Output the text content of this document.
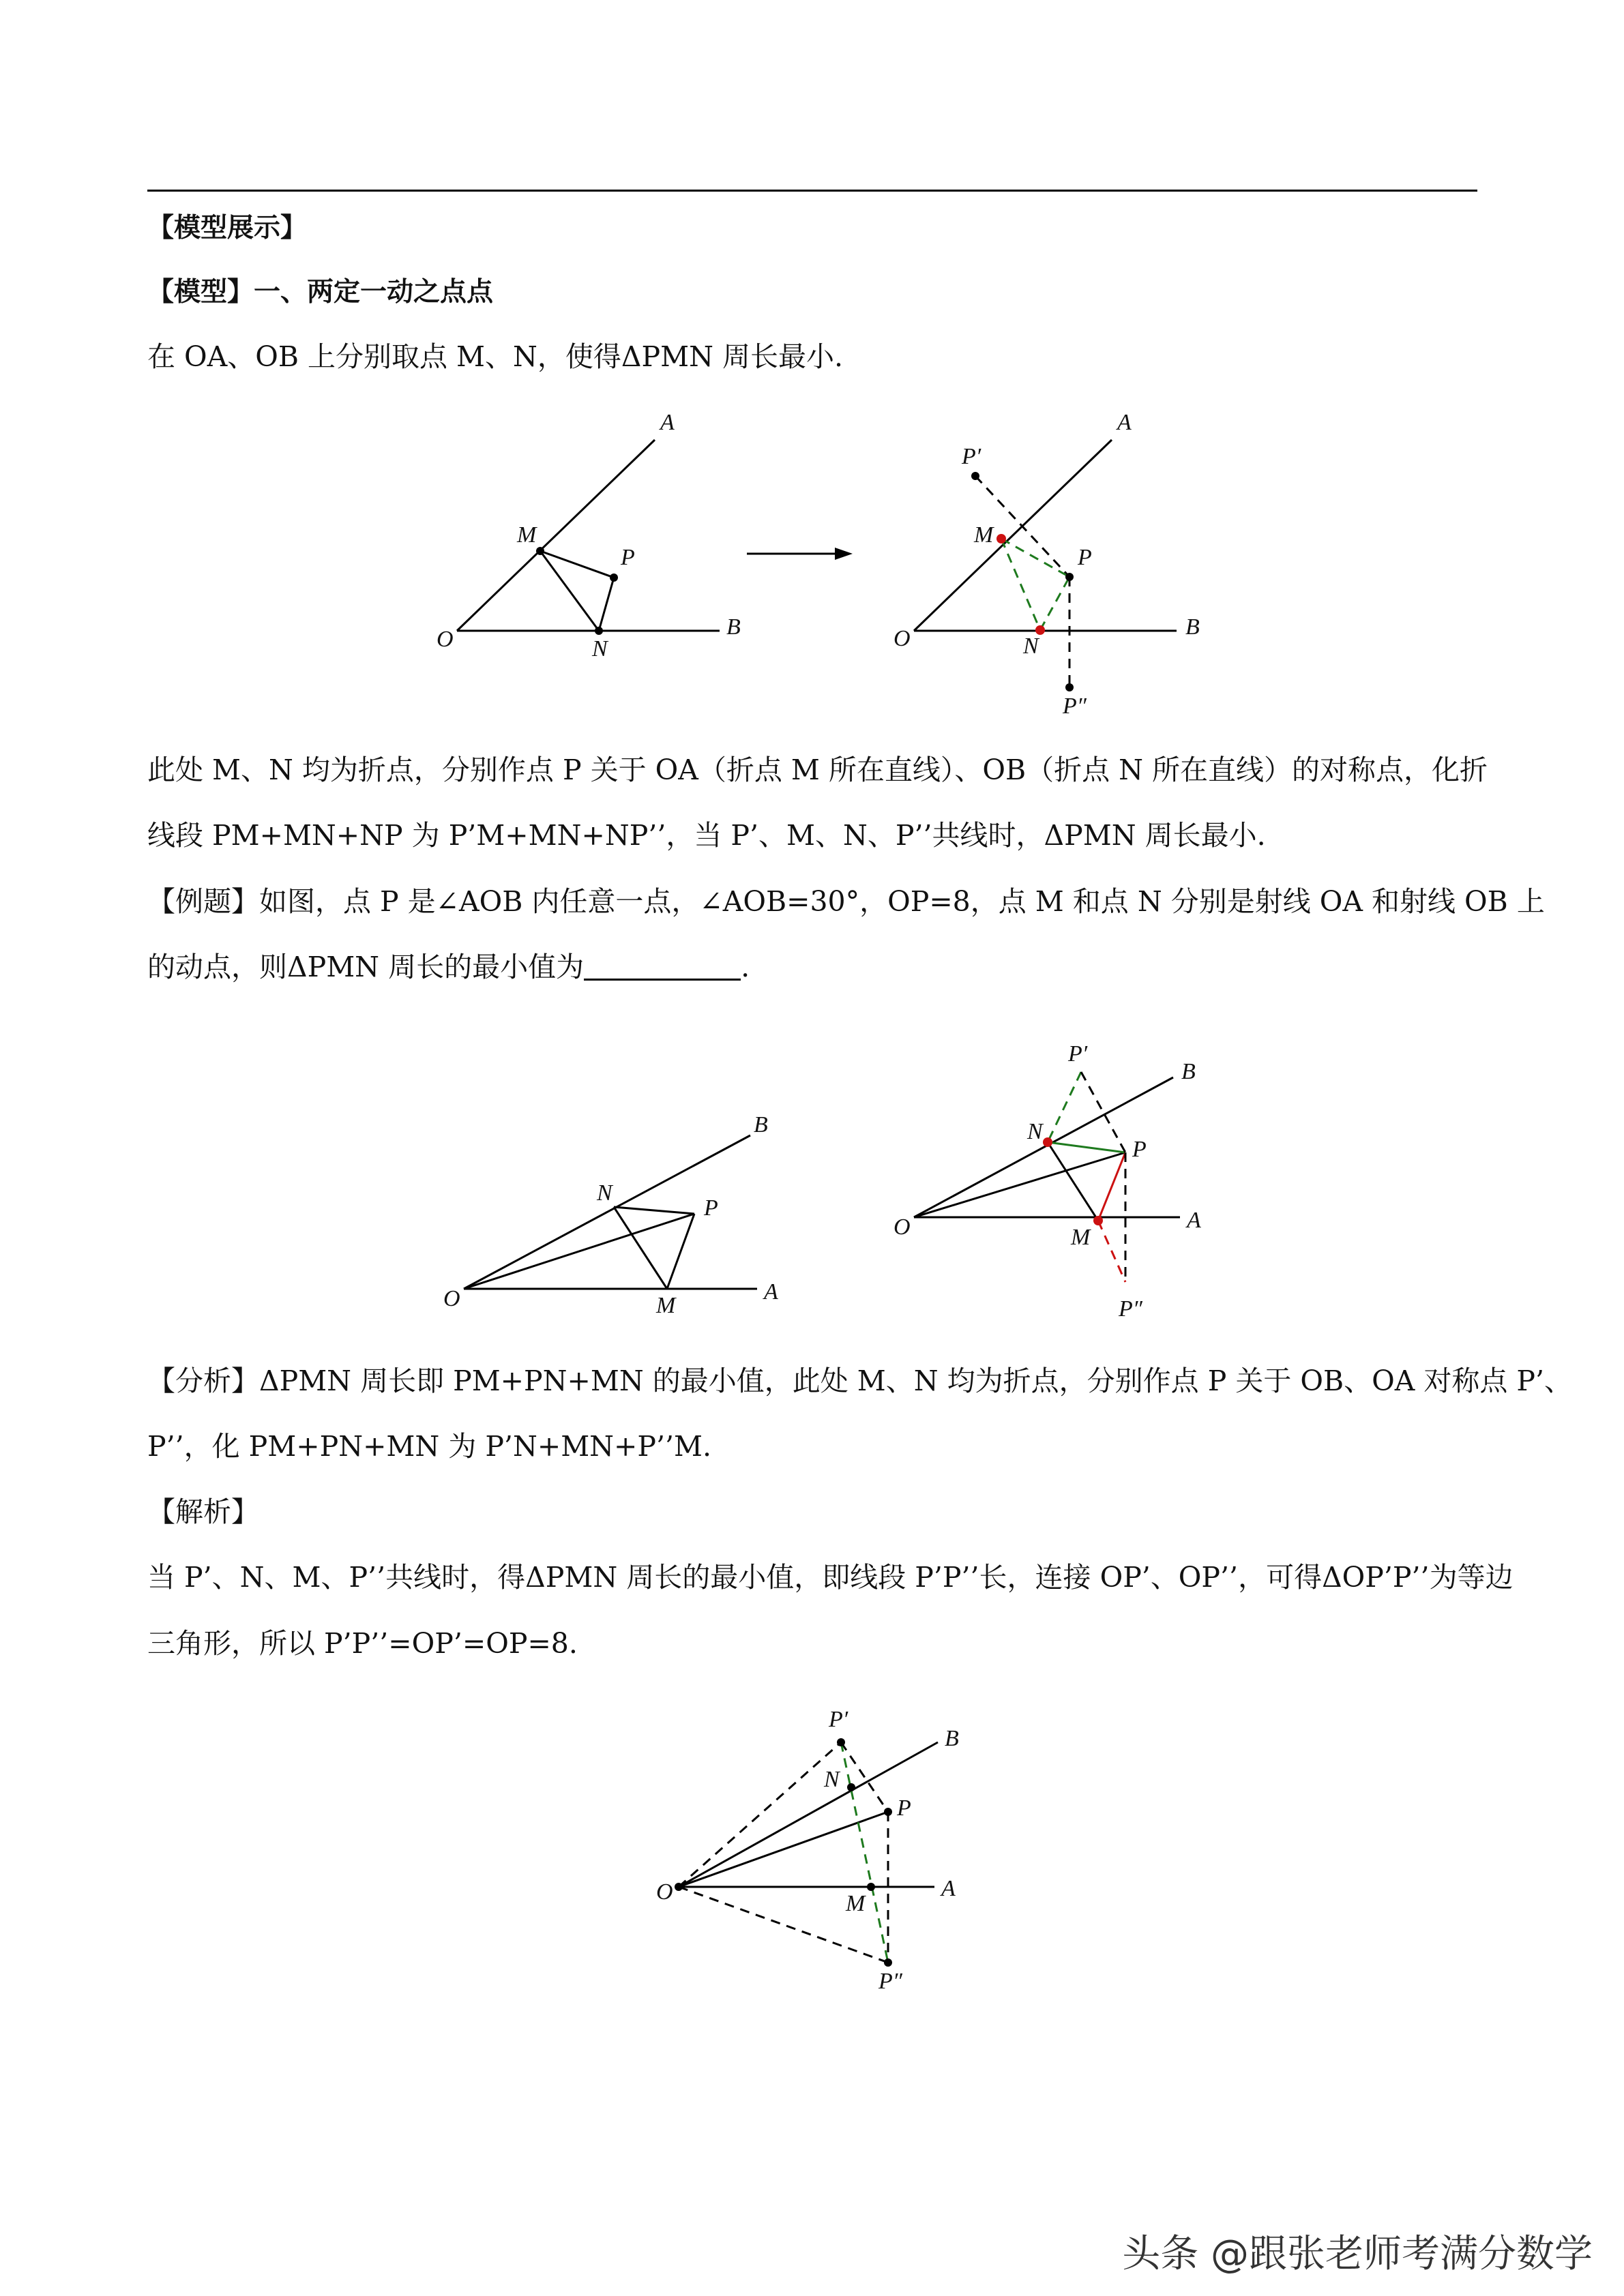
【模型展示】
【模型】一、两定一动之点点
在 OA、OB 上分别取点 M、N，使得ΔPMN 周长最小.
A
B
O
M
P
N
A
B
O
M
N
P
P′
P″
此处 M、N 均为折点，分别作点 P 关于 OA（折点 M 所在直线）、OB（折点 N 所在直线）的对称点，化折
线段 PM+MN+NP 为 P’M+MN+NP’’，当 P’、M、N、P’’共线时，ΔPMN 周长最小.
【例题】如图，点 P 是∠AOB 内任意一点，∠AOB=30°，OP=8，点 M 和点 N 分别是射线 OA 和射线 OB 上
的动点，则ΔPMN 周长的最小值为	.
B
A
O	M
N
P
P′
B
A
O
N
P
M
P″
【分析】ΔPMN 周长即 PM+PN+MN 的最小值，此处 M、N 均为折点，分别作点 P 关于 OB、OA 对称点 P’、
P’’，化 PM+PN+MN 为 P’N+MN+P’’M.
【解析】
当 P’、N、M、P’’共线时，得ΔPMN 周长的最小值，即线段 P’P’’长，连接 OP’、OP’’，可得ΔOP’P’’为等边
三角形，所以 P’P’’=OP’=OP=8.
P′
B
N
P
A
O	M
P″
头条 @跟张老师考满分数学
